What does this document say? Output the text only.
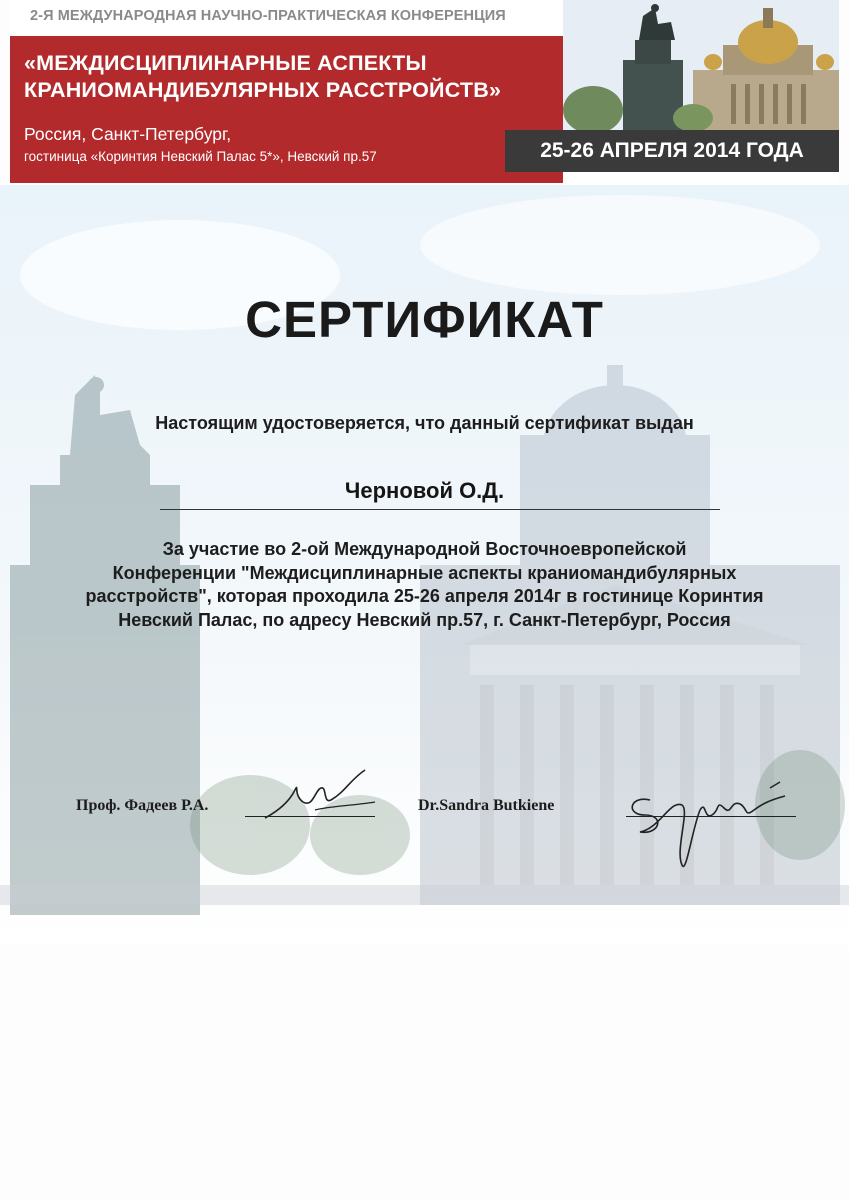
2-Я МЕЖДУНАРОДНАЯ НАУЧНО-ПРАКТИЧЕСКАЯ КОНФЕРЕНЦИЯ
«МЕЖДИСЦИПЛИНАРНЫЕ АСПЕКТЫ
КРАНИОМАНДИБУЛЯРНЫХ РАССТРОЙСТВ»
Россия, Санкт-Петербург,
гостиница «Коринтия Невский Палас 5*», Невский пр.57	25-26 АПРЕЛЯ 2014 ГОДА
СЕРТИФИКАТ
Настоящим удостоверяется, что данный сертификат выдан
Черновой О.Д.
За участие во 2-ой Международной Восточноевропейской
Конференции "Междисциплинарные аспекты краниомандибулярных
расстройств", которая проходила 25-26 апреля 2014г в гостинице Коринтия
Невский Палас, по адресу Невский пр.57, г. Санкт-Петербург, Россия
Проф. Фадеев Р.А.	Dr.Sandra Butkiene
